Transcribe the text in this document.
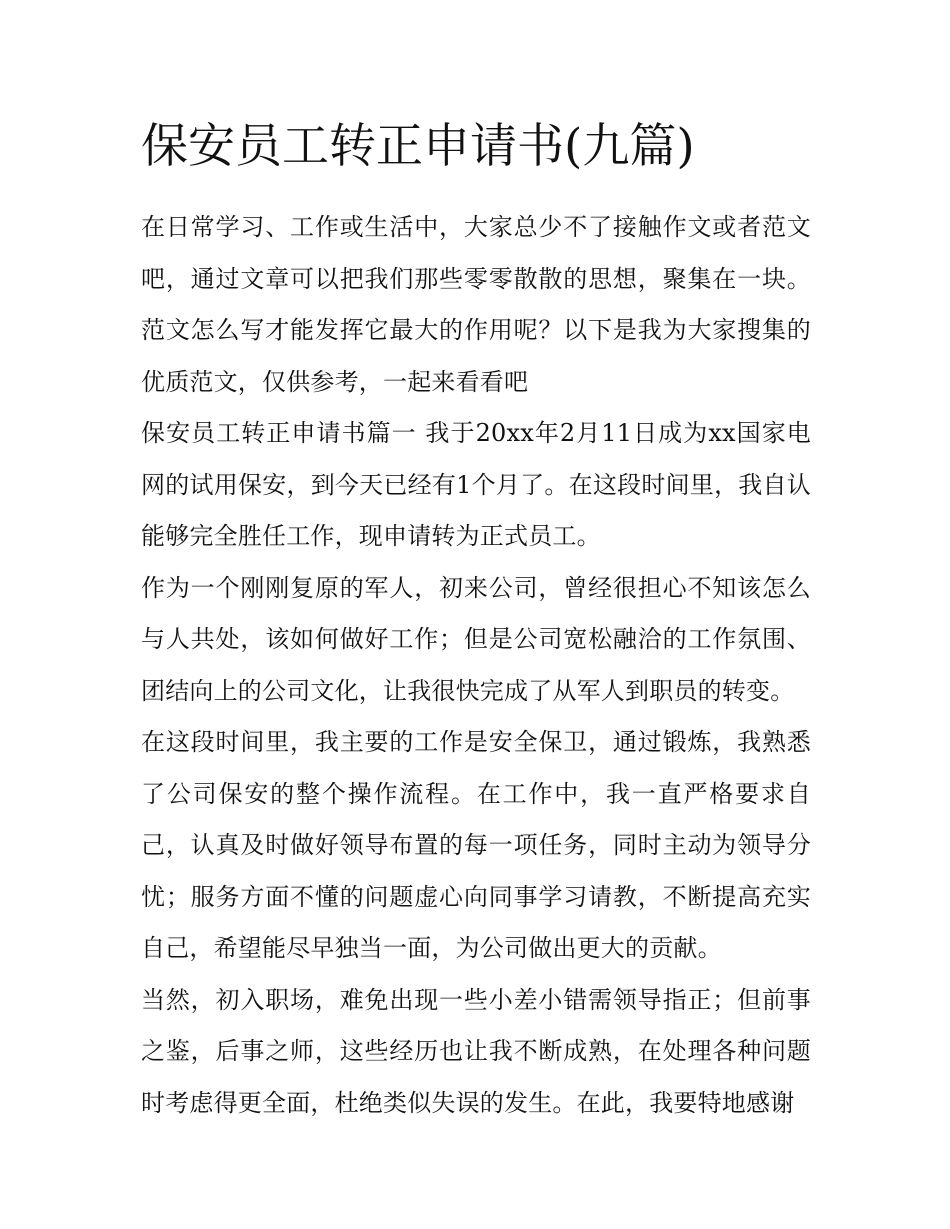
保安员工转正申请书(九篇)

在日常学习、工作或生活中，大家总少不了接触作文或者范文吧，通过文章可以把我们那些零零散散的思想，聚集在一块。范文怎么写才能发挥它最大的作用呢？以下是我为大家搜集的优质范文，仅供参考，一起来看看吧

保安员工转正申请书篇一 我于20xx年2月11日成为xx国家电网的试用保安，到今天已经有1个月了。在这段时间里，我自认能够完全胜任工作，现申请转为正式员工。

作为一个刚刚复原的军人，初来公司，曾经很担心不知该怎么与人共处，该如何做好工作；但是公司宽松融洽的工作氛围、团结向上的公司文化，让我很快完成了从军人到职员的转变。

在这段时间里，我主要的工作是安全保卫，通过锻炼，我熟悉了公司保安的整个操作流程。在工作中，我一直严格要求自己，认真及时做好领导布置的每一项任务，同时主动为领导分忧；服务方面不懂的问题虚心向同事学习请教，不断提高充实自己，希望能尽早独当一面，为公司做出更大的贡献。

当然，初入职场，难免出现一些小差小错需领导指正；但前事之鉴，后事之师，这些经历也让我不断成熟，在处理各种问题时考虑得更全面，杜绝类似失误的发生。在此，我要特地感谢
